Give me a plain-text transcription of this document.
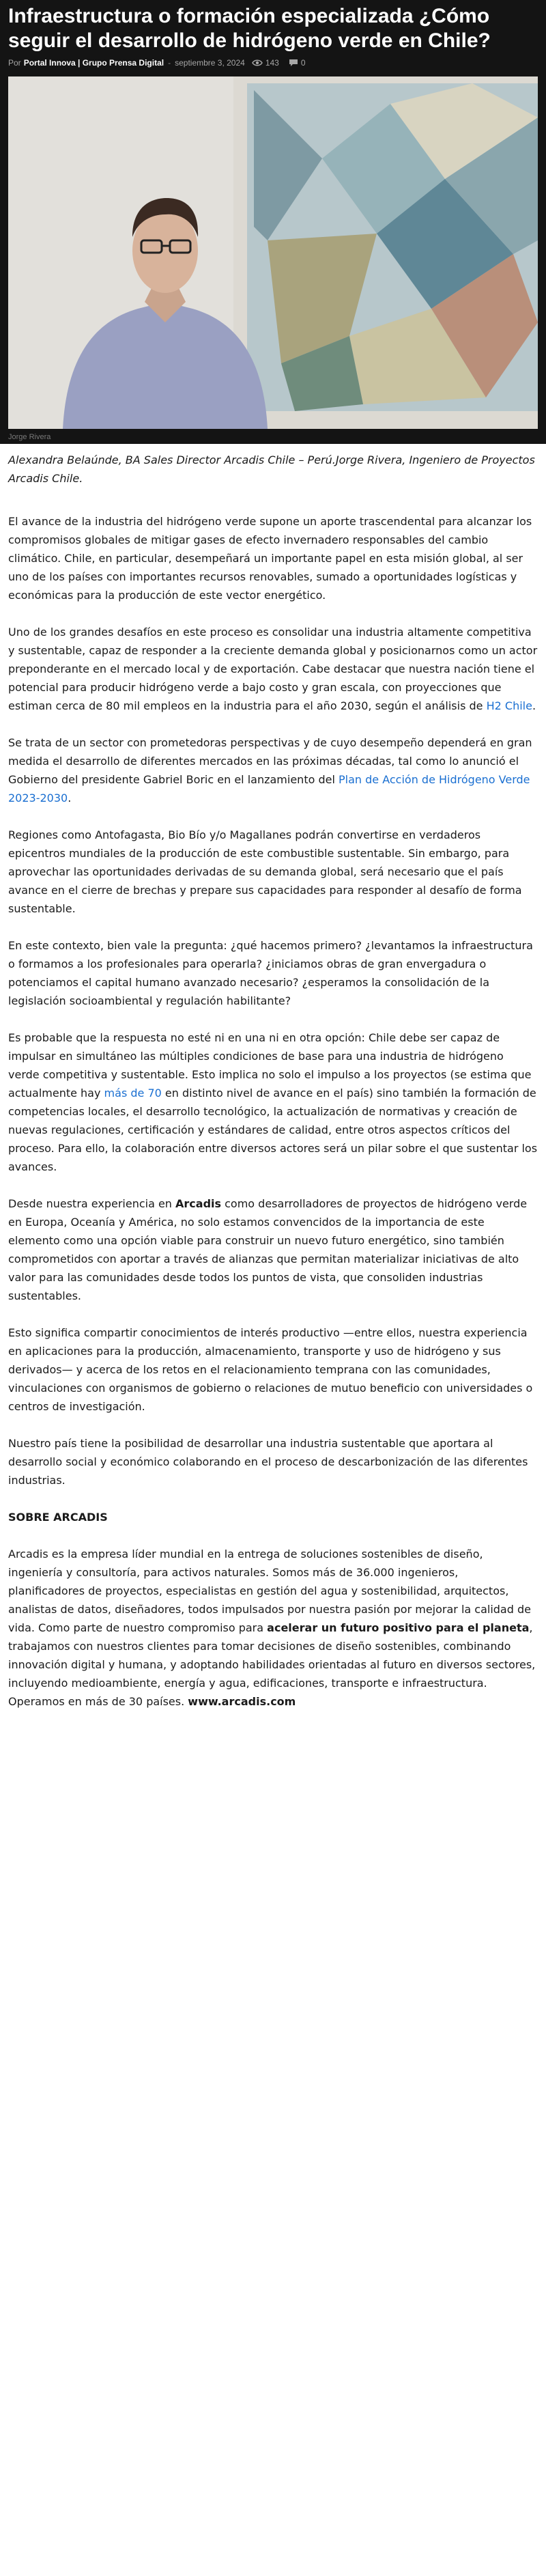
Infraestructura o formación especializada ¿Cómo seguir el desarrollo de hidrógeno verde en Chile?
Por Portal Innova | Grupo Prensa Digital - septiembre 3, 2024	143	0
Jorge Rivera

Alexandra Belaúnde, BA Sales Director Arcadis Chile – Perú.Jorge Rivera, Ingeniero de Proyectos Arcadis Chile.

El avance de la industria del hidrógeno verde supone un aporte trascendental para alcanzar los compromisos globales de mitigar gases de efecto invernadero responsables del cambio climático. Chile, en particular, desempeñará un importante papel en esta misión global, al ser uno de los países con importantes recursos renovables, sumado a oportunidades logísticas y económicas para la producción de este vector energético.

Uno de los grandes desafíos en este proceso es consolidar una industria altamente competitiva y sustentable, capaz de responder a la creciente demanda global y posicionarnos como un actor preponderante en el mercado local y de exportación. Cabe destacar que nuestra nación tiene el potencial para producir hidrógeno verde a bajo costo y gran escala, con proyecciones que estiman cerca de 80 mil empleos en la industria para el año 2030, según el análisis de H2 Chile.

Se trata de un sector con prometedoras perspectivas y de cuyo desempeño dependerá en gran medida el desarrollo de diferentes mercados en las próximas décadas, tal como lo anunció el Gobierno del presidente Gabriel Boric en el lanzamiento del Plan de Acción de Hidrógeno Verde 2023-2030.

Regiones como Antofagasta, Bio Bío y/o Magallanes podrán convertirse en verdaderos epicentros mundiales de la producción de este combustible sustentable. Sin embargo, para aprovechar las oportunidades derivadas de su demanda global, será necesario que el país avance en el cierre de brechas y prepare sus capacidades para responder al desafío de forma sustentable.

En este contexto, bien vale la pregunta: ¿qué hacemos primero? ¿levantamos la infraestructura o formamos a los profesionales para operarla? ¿iniciamos obras de gran envergadura o potenciamos el capital humano avanzado necesario? ¿esperamos la consolidación de la legislación socioambiental y regulación habilitante?

Es probable que la respuesta no esté ni en una ni en otra opción: Chile debe ser capaz de impulsar en simultáneo las múltiples condiciones de base para una industria de hidrógeno verde competitiva y sustentable. Esto implica no solo el impulso a los proyectos (se estima que actualmente hay más de 70 en distinto nivel de avance en el país) sino también la formación de competencias locales, el desarrollo tecnológico, la actualización de normativas y creación de nuevas regulaciones, certificación y estándares de calidad, entre otros aspectos críticos del proceso. Para ello, la colaboración entre diversos actores será un pilar sobre el que sustentar los avances.

Desde nuestra experiencia en Arcadis como desarrolladores de proyectos de hidrógeno verde en Europa, Oceanía y América, no solo estamos convencidos de la importancia de este elemento como una opción viable para construir un nuevo futuro energético, sino también comprometidos con aportar a través de alianzas que permitan materializar iniciativas de alto valor para las comunidades desde todos los puntos de vista, que consoliden industrias sustentables.

Esto significa compartir conocimientos de interés productivo —entre ellos, nuestra experiencia en aplicaciones para la producción, almacenamiento, transporte y uso de hidrógeno y sus derivados— y acerca de los retos en el relacionamiento temprana con las comunidades, vinculaciones con organismos de gobierno o relaciones de mutuo beneficio con universidades o centros de investigación.

Nuestro país tiene la posibilidad de desarrollar una industria sustentable que aportara al desarrollo social y económico colaborando en el proceso de descarbonización de las diferentes industrias.

SOBRE ARCADIS

Arcadis es la empresa líder mundial en la entrega de soluciones sostenibles de diseño, ingeniería y consultoría, para activos naturales. Somos más de 36.000 ingenieros, planificadores de proyectos, especialistas en gestión del agua y sostenibilidad, arquitectos, analistas de datos, diseñadores, todos impulsados por nuestra pasión por mejorar la calidad de vida. Como parte de nuestro compromiso para acelerar un futuro positivo para el planeta, trabajamos con nuestros clientes para tomar decisiones de diseño sostenibles, combinando innovación digital y humana, y adoptando habilidades orientadas al futuro en diversos sectores, incluyendo medioambiente, energía y agua, edificaciones, transporte e infraestructura. Operamos en más de 30 países. www.arcadis.com
